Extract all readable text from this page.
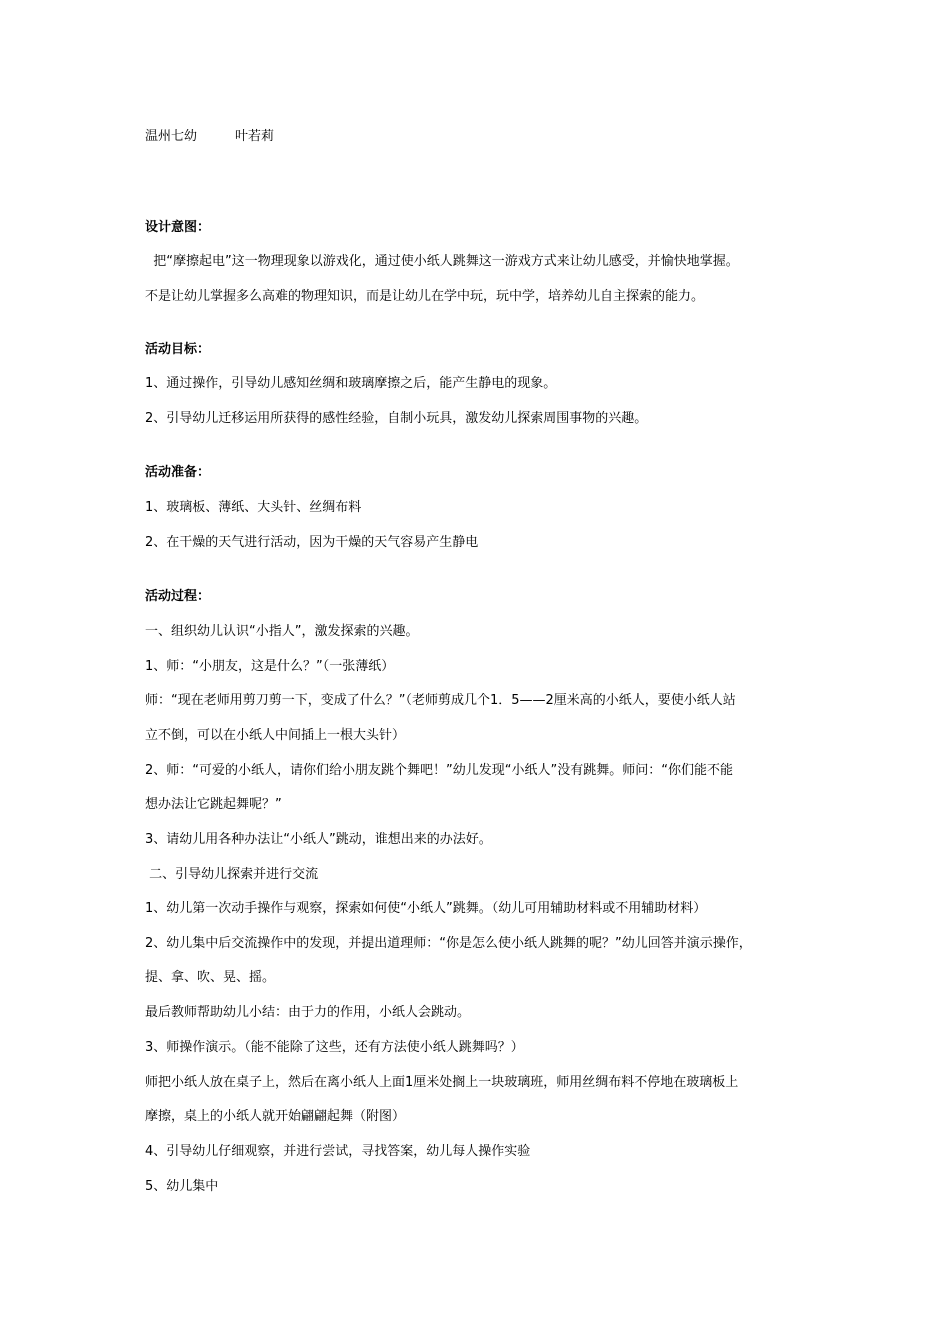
温州七幼	叶若莉
设计意图：
把“摩擦起电”这一物理现象以游戏化，通过使小纸人跳舞这一游戏方式来让幼儿感受，并愉快地掌握。
不是让幼儿掌握多么高难的物理知识，而是让幼儿在学中玩，玩中学，培养幼儿自主探索的能力。
活动目标：
1、通过操作，引导幼儿感知丝绸和玻璃摩擦之后，能产生静电的现象。
2、引导幼儿迁移运用所获得的感性经验，自制小玩具，激发幼儿探索周围事物的兴趣。
活动准备：
1、玻璃板、薄纸、大头针、丝绸布料
2、在干燥的天气进行活动，因为干燥的天气容易产生静电
活动过程：
一、组织幼儿认识“小指人”，激发探索的兴趣。
1、师：“小朋友，这是什么？”（一张薄纸）
师：“现在老师用剪刀剪一下，变成了什么？”（老师剪成几个1．5——2厘米高的小纸人，要使小纸人站
立不倒，可以在小纸人中间插上一根大头针）
2、师：“可爱的小纸人，请你们给小朋友跳个舞吧！”幼儿发现“小纸人”没有跳舞。师问：“你们能不能
想办法让它跳起舞呢？”
3、请幼儿用各种办法让“小纸人”跳动，谁想出来的办法好。
二、引导幼儿探索并进行交流
1、幼儿第一次动手操作与观察，探索如何使“小纸人”跳舞。（幼儿可用辅助材料或不用辅助材料）
2、幼儿集中后交流操作中的发现，并提出道理师：“你是怎么使小纸人跳舞的呢？”幼儿回答并演示操作，
提、拿、吹、晃、摇。
最后教师帮助幼儿小结：由于力的作用，小纸人会跳动。
3、师操作演示。（能不能除了这些，还有方法使小纸人跳舞吗？）
师把小纸人放在桌子上，然后在离小纸人上面1厘米处搁上一块玻璃班，师用丝绸布料不停地在玻璃板上
摩擦，桌上的小纸人就开始翩翩起舞（附图）
4、引导幼儿仔细观察，并进行尝试，寻找答案，幼儿每人操作实验
5、幼儿集中
